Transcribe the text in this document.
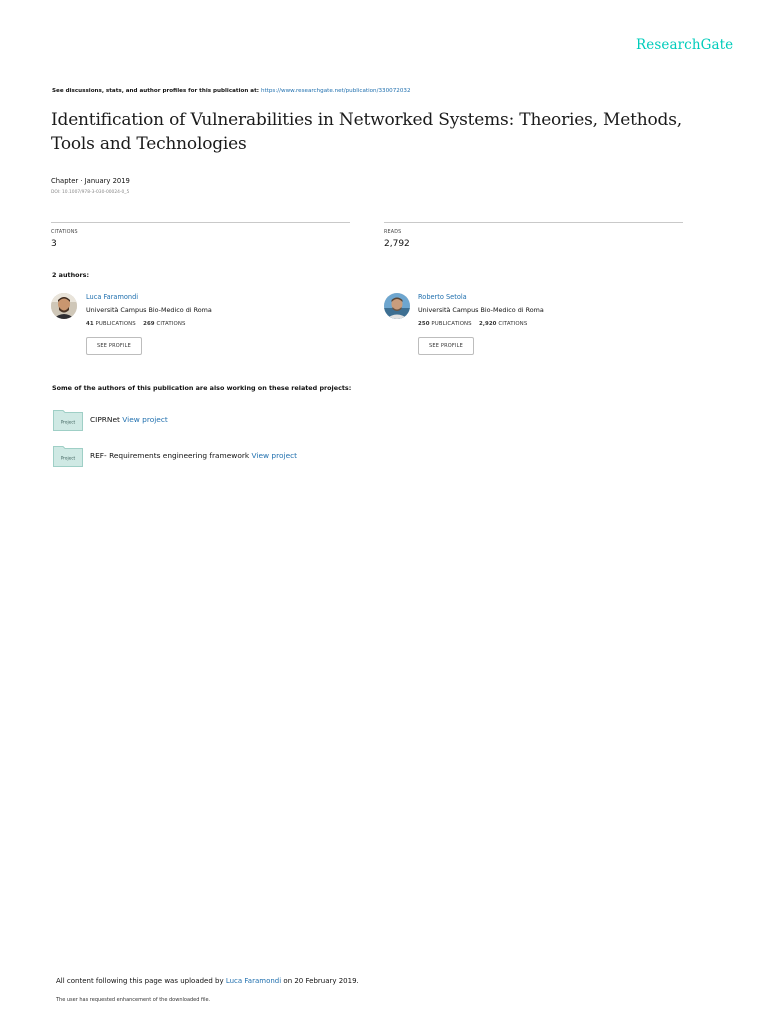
ResearchGate
See discussions, stats, and author profiles for this publication at: https://www.researchgate.net/publication/330072032
Identification of Vulnerabilities in Networked Systems: Theories, Methods, Tools and Technologies
Chapter · January 2019
DOI: 10.1007/978-3-030-00024-0_5
CITATIONS
3
READS
2,792
2 authors:
Luca Faramondi
Università Campus Bio-Medico di Roma
41 PUBLICATIONS 269 CITATIONS
SEE PROFILE
Roberto Setola
Università Campus Bio-Medico di Roma
250 PUBLICATIONS 2,920 CITATIONS
SEE PROFILE
Some of the authors of this publication are also working on these related projects:
Project CIPRNet View project
Project REF- Requirements engineering framework View project
All content following this page was uploaded by Luca Faramondi on 20 February 2019.
The user has requested enhancement of the downloaded file.
